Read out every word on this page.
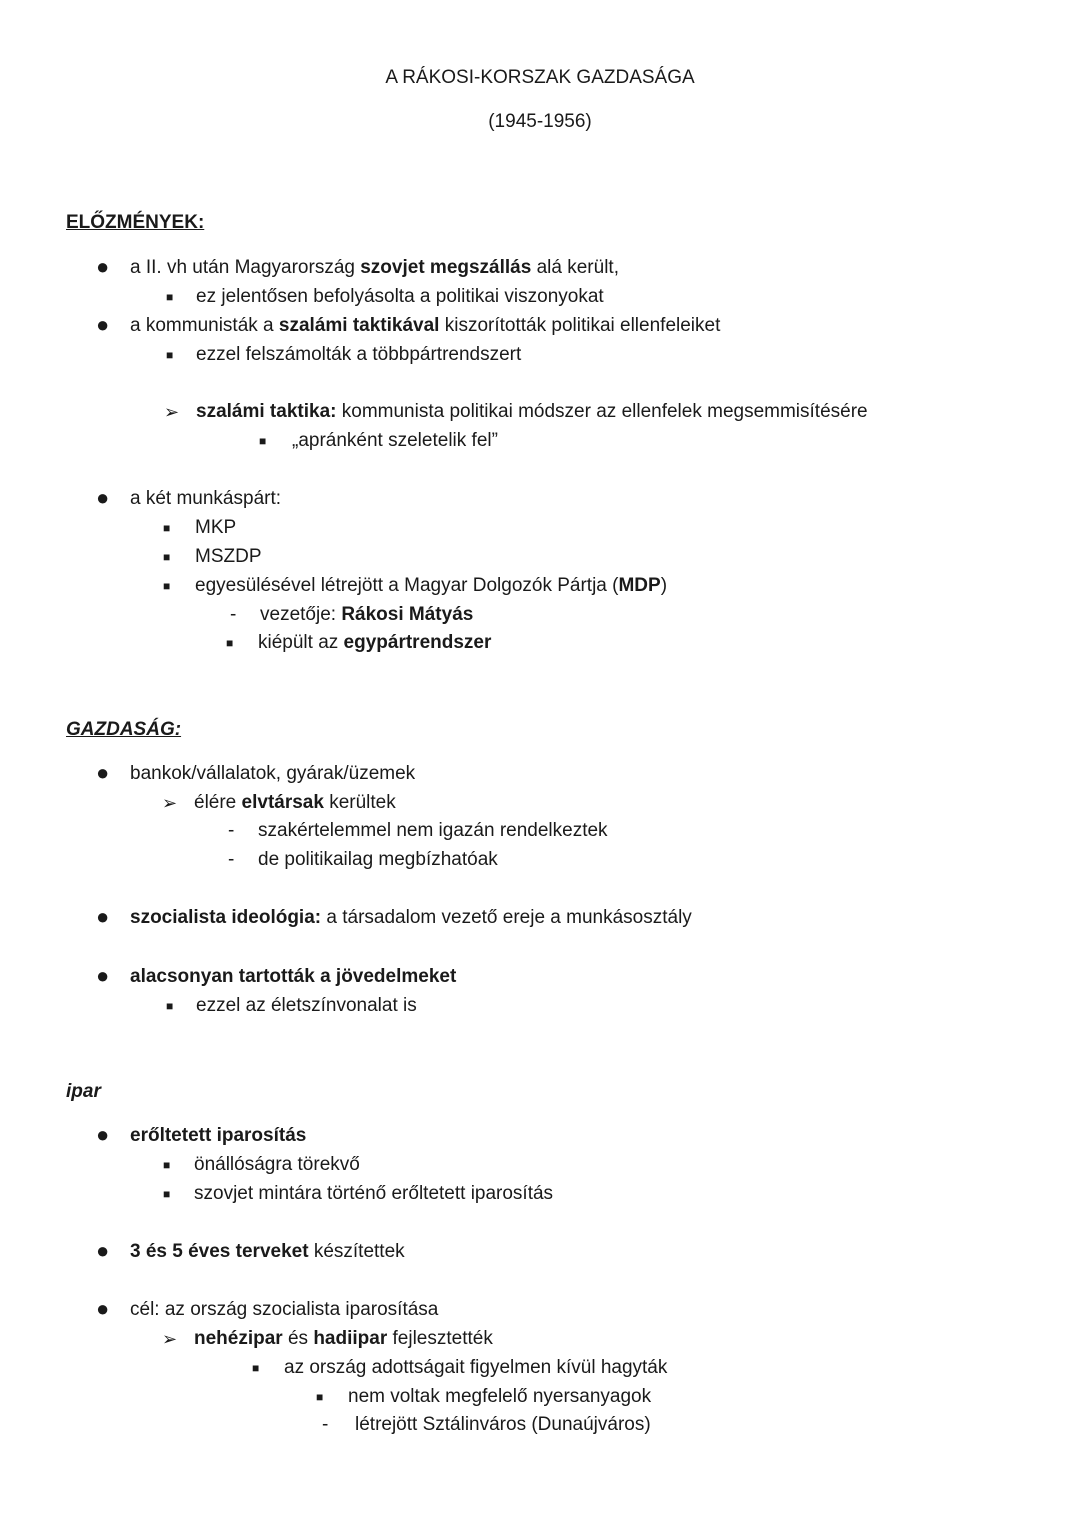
A RÁKOSI-KORSZAK GAZDASÁGA
(1945-1956)
ELŐZMÉNYEK:
● a II. vh után Magyarország szovjet megszállás alá került,
■ ez jelentősen befolyásolta a politikai viszonyokat
● a kommunisták a szalámi taktikával kiszorították politikai ellenfeleiket
■ ezzel felszámolták a többpártrendszert
➢ szalámi taktika: kommunista politikai módszer az ellenfelek megsemmisítésére
■ „apránként szeletelik fel”
● a két munkáspárt:
■ MKP
■ MSZDP
■ egyesülésével létrejött a Magyar Dolgozók Pártja (MDP)
- vezetője: Rákosi Mátyás
■ kiépült az egypártrendszer
GAZDASÁG:
● bankok/vállalatok, gyárak/üzemek
➢ élére elvtársak kerültek
- szakértelemmel nem igazán rendelkeztek
- de politikailag megbízhatóak
● szocialista ideológia: a társadalom vezető ereje a munkásosztály
● alacsonyan tartották a jövedelmeket
■ ezzel az életszínvonalat is
ipar
● erőltetett iparosítás
■ önállóságra törekvő
■ szovjet mintára történő erőltetett iparosítás
● 3 és 5 éves terveket készítettek
● cél: az ország szocialista iparosítása
➢ nehézipar és hadiipar fejlesztették
■ az ország adottságait figyelmen kívül hagyták
■ nem voltak megfelelő nyersanyagok
- létrejött Sztálinváros (Dunaújváros)
